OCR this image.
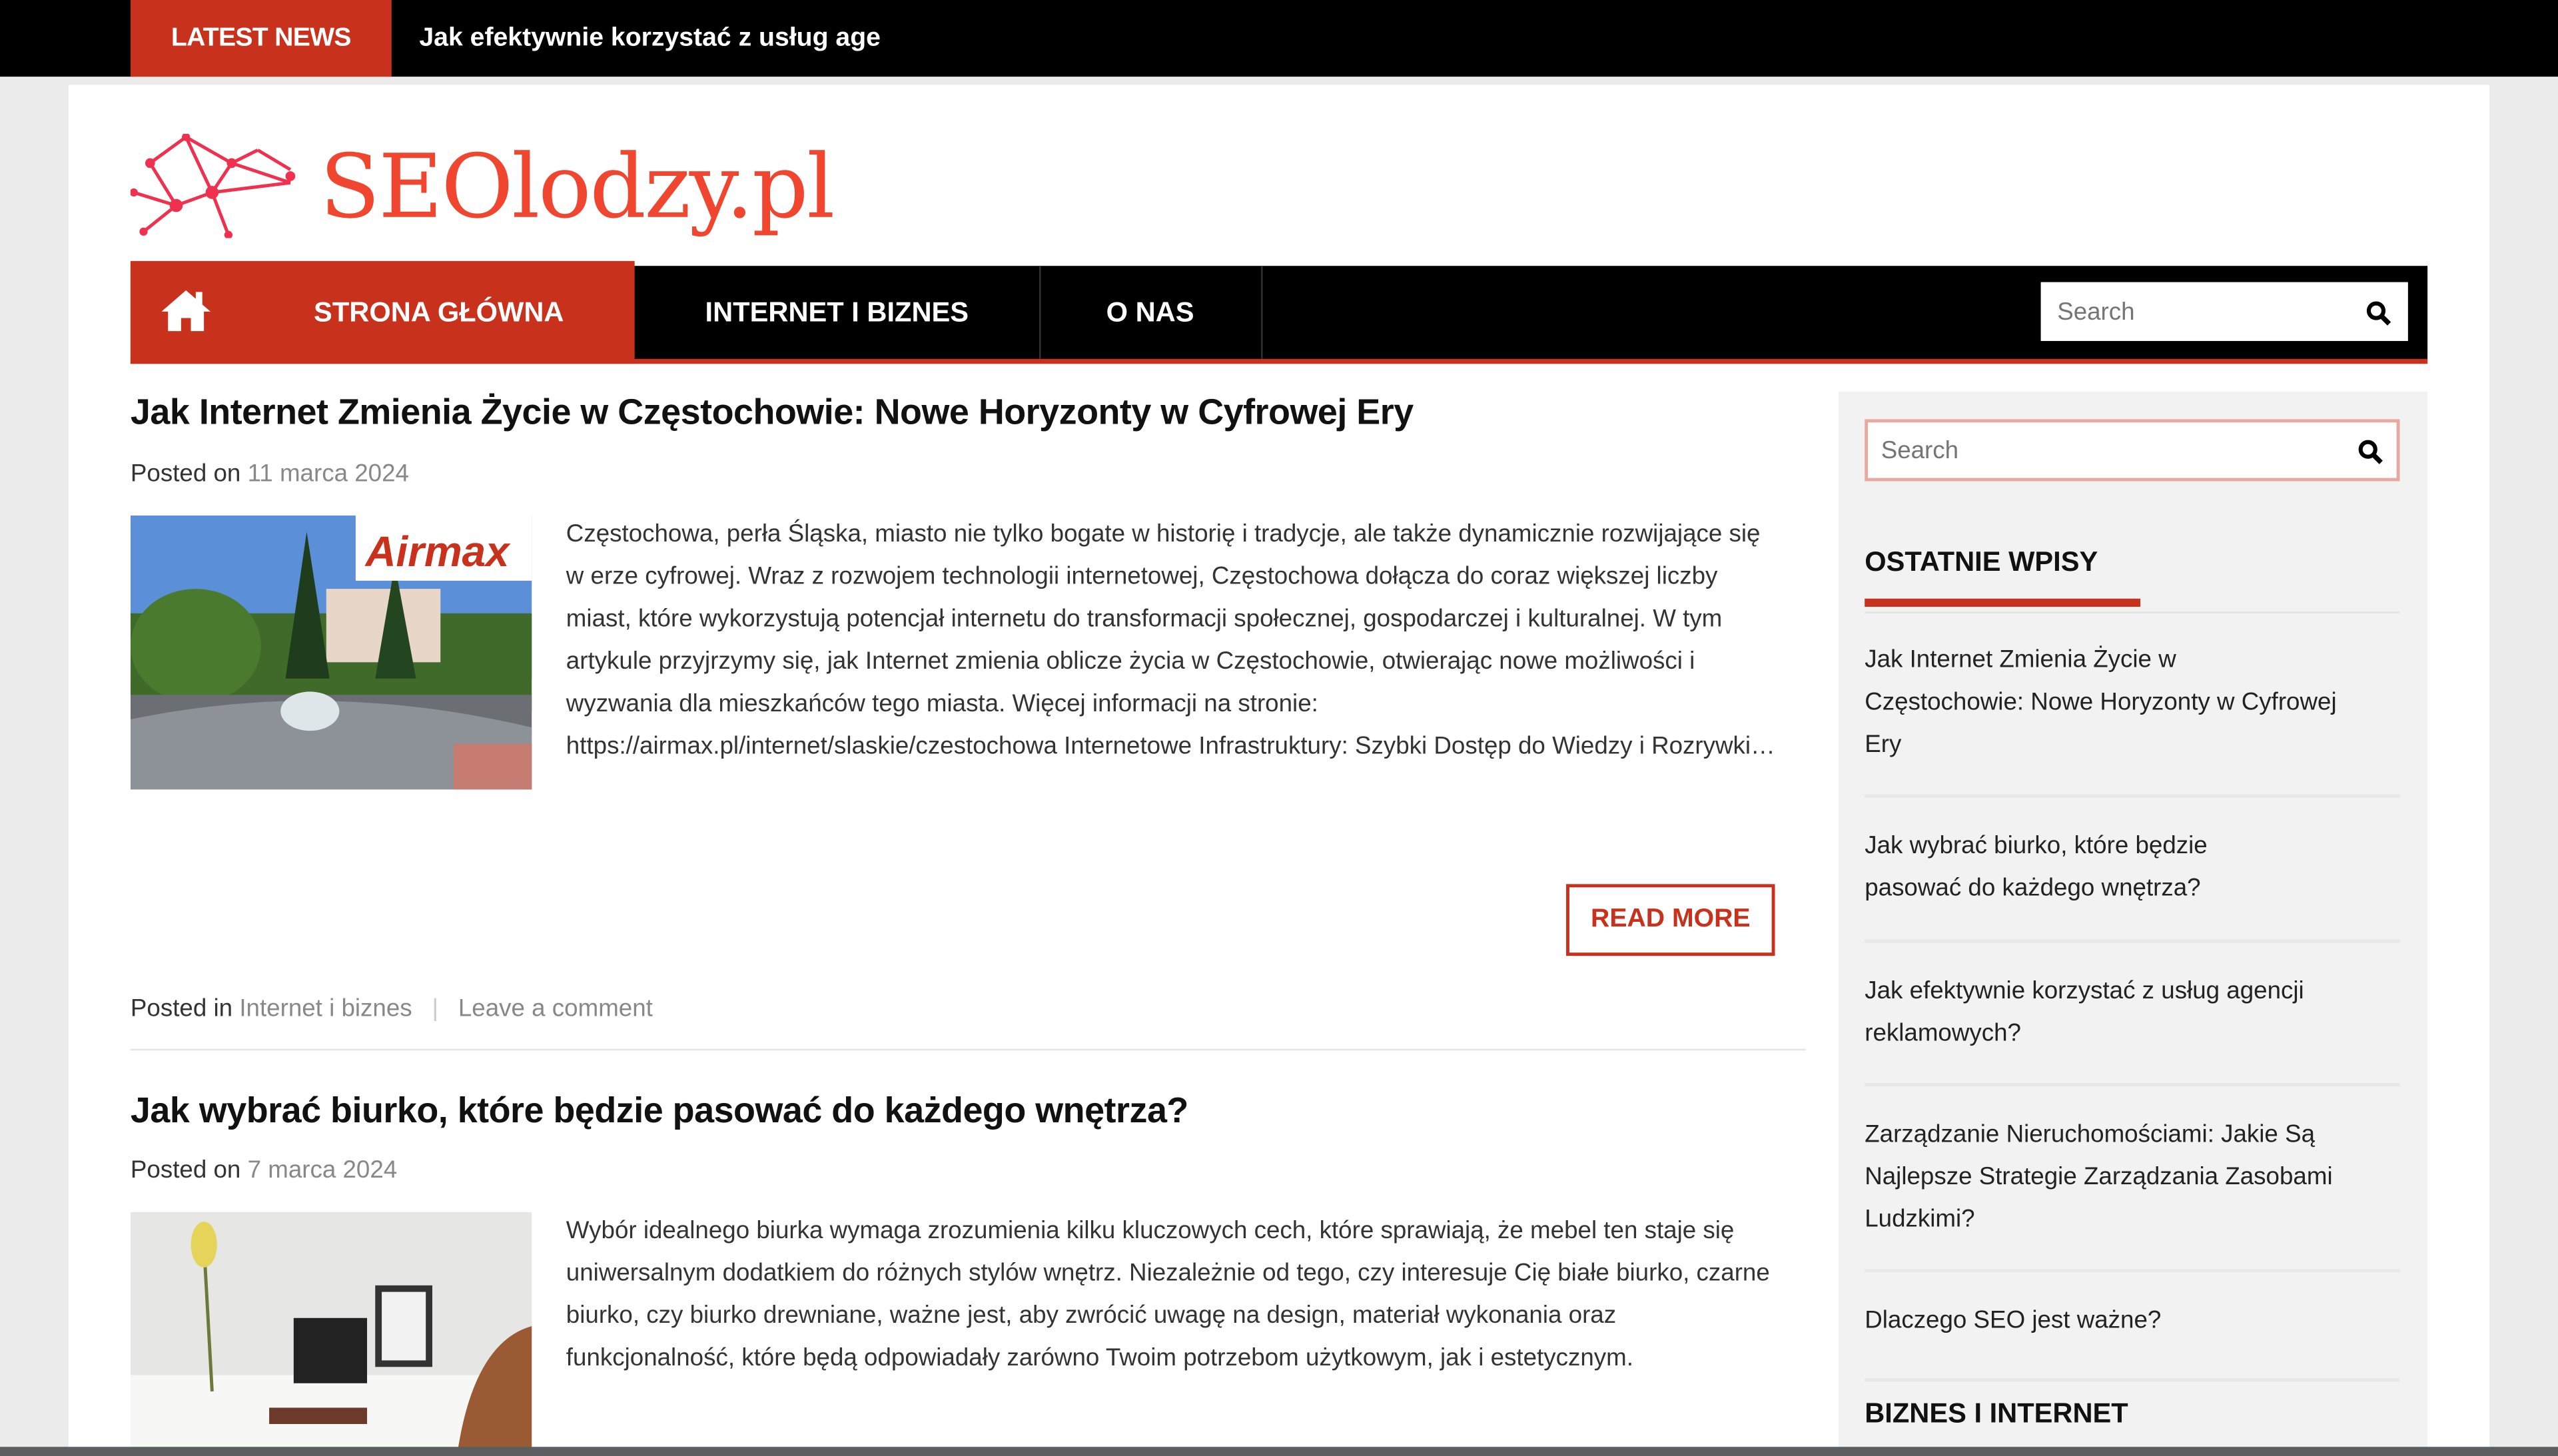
LATEST NEWS	Jak efektywnie korzystać z usług age
SEOlodzy.pl
STRONA GŁÓWNA	INTERNET I BIZNES	O NAS
Search
Jak Internet Zmienia Życie w Częstochowie: Nowe Horyzonty w Cyfrowej Ery
Posted on 11 marca 2024
Airmax	Częstochowa, perła Śląska, miasto nie tylko bogate w historię i tradycje, ale także dynamicznie rozwijające się w erze cyfrowej. Wraz z rozwojem technologii internetowej, Częstochowa dołącza do coraz większej liczby miast, które wykorzystują potencjał internetu do transformacji społecznej, gospodarczej i kulturalnej. W tym artykule przyjrzymy się, jak Internet zmienia oblicze życia w Częstochowie, otwierając nowe możliwości i wyzwania dla mieszkańców tego miasta. Więcej informacji na stronie: https://airmax.pl/internet/slaskie/czestochowa Internetowe Infrastruktury: Szybki Dostęp do Wiedzy i Rozrywki…
READ MORE
Posted in Internet i biznes | Leave a comment
Jak wybrać biurko, które będzie pasować do każdego wnętrza?
Posted on 7 marca 2024
Wybór idealnego biurka wymaga zrozumienia kilku kluczowych cech, które sprawiają, że mebel ten staje się uniwersalnym dodatkiem do różnych stylów wnętrz. Niezależnie od tego, czy interesuje Cię białe biurko, czarne biurko, czy biurko drewniane, ważne jest, aby zwrócić uwagę na design, materiał wykonania oraz funkcjonalność, które będą odpowiadały zarówno Twoim potrzebom użytkowym, jak i estetycznym.
Search
OSTATNIE WPISY
Jak Internet Zmienia Życie w Częstochowie: Nowe Horyzonty w Cyfrowej Ery
Jak wybrać biurko, które będzie pasować do każdego wnętrza?
Jak efektywnie korzystać z usług agencji reklamowych?
Zarządzanie Nieruchomościami: Jakie Są Najlepsze Strategie Zarządzania Zasobami Ludzkimi?
Dlaczego SEO jest ważne?
BIZNES I INTERNET
